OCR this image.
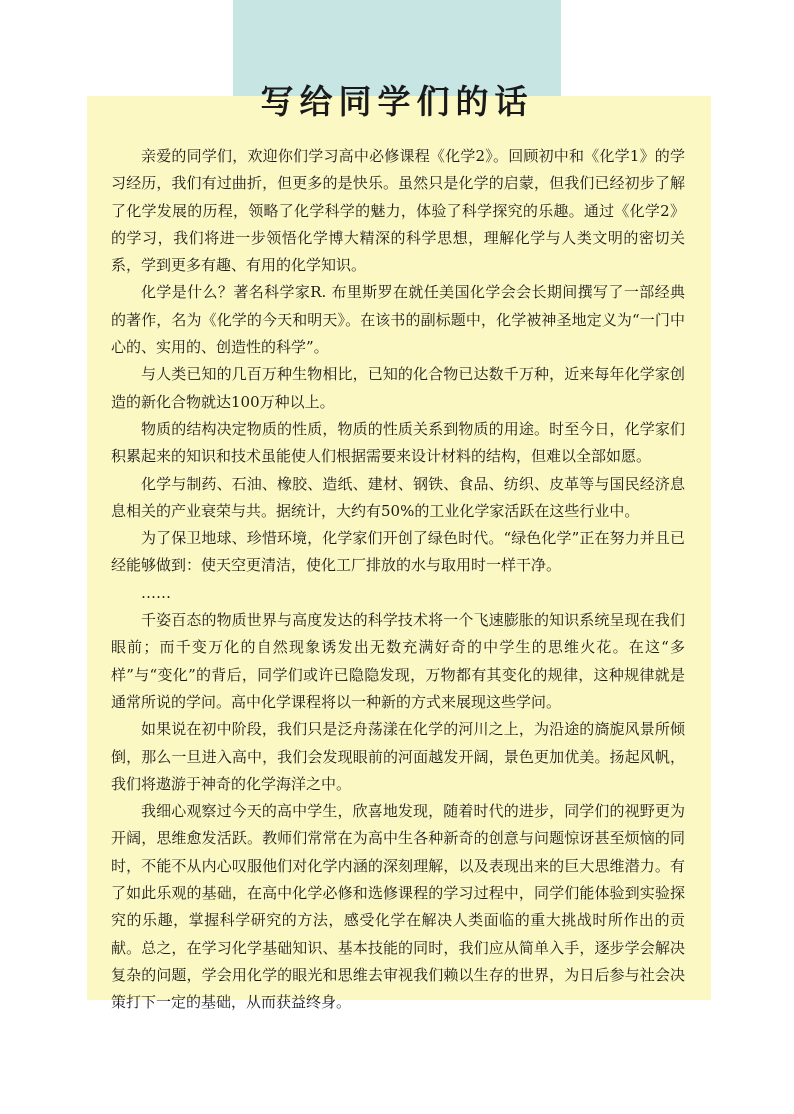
写给同学们的话

亲爱的同学们，欢迎你们学习高中必修课程《化学2》。回顾初中和《化学1》的学习经历，我们有过曲折，但更多的是快乐。虽然只是化学的启蒙，但我们已经初步了解了化学发展的历程，领略了化学科学的魅力，体验了科学探究的乐趣。通过《化学2》的学习，我们将进一步领悟化学博大精深的科学思想，理解化学与人类文明的密切关系，学到更多有趣、有用的化学知识。

化学是什么？著名科学家R. 布里斯罗在就任美国化学会会长期间撰写了一部经典的著作，名为《化学的今天和明天》。在该书的副标题中，化学被神圣地定义为“一门中心的、实用的、创造性的科学”。

与人类已知的几百万种生物相比，已知的化合物已达数千万种，近来每年化学家创造的新化合物就达100万种以上。

物质的结构决定物质的性质，物质的性质关系到物质的用途。时至今日，化学家们积累起来的知识和技术虽能使人们根据需要来设计材料的结构，但难以全部如愿。

化学与制药、石油、橡胶、造纸、建材、钢铁、食品、纺织、皮革等与国民经济息息相关的产业衰荣与共。据统计，大约有50%的工业化学家活跃在这些行业中。

为了保卫地球、珍惜环境，化学家们开创了绿色时代。“绿色化学”正在努力并且已经能够做到：使天空更清洁，使化工厂排放的水与取用时一样干净。

……

千姿百态的物质世界与高度发达的科学技术将一个飞速膨胀的知识系统呈现在我们眼前；而千变万化的自然现象诱发出无数充满好奇的中学生的思维火花。在这“多样”与“变化”的背后，同学们或许已隐隐发现，万物都有其变化的规律，这种规律就是通常所说的学问。高中化学课程将以一种新的方式来展现这些学问。

如果说在初中阶段，我们只是泛舟荡漾在化学的河川之上，为沿途的旖旎风景所倾倒，那么一旦进入高中，我们会发现眼前的河面越发开阔，景色更加优美。扬起风帆，我们将遨游于神奇的化学海洋之中。

我细心观察过今天的高中学生，欣喜地发现，随着时代的进步，同学们的视野更为开阔，思维愈发活跃。教师们常常在为高中生各种新奇的创意与问题惊讶甚至烦恼的同时，不能不从内心叹服他们对化学内涵的深刻理解，以及表现出来的巨大思维潜力。有了如此乐观的基础，在高中化学必修和选修课程的学习过程中，同学们能体验到实验探究的乐趣，掌握科学研究的方法，感受化学在解决人类面临的重大挑战时所作出的贡献。总之，在学习化学基础知识、基本技能的同时，我们应从简单入手，逐步学会解决复杂的问题，学会用化学的眼光和思维去审视我们赖以生存的世界，为日后参与社会决策打下一定的基础，从而获益终身。
